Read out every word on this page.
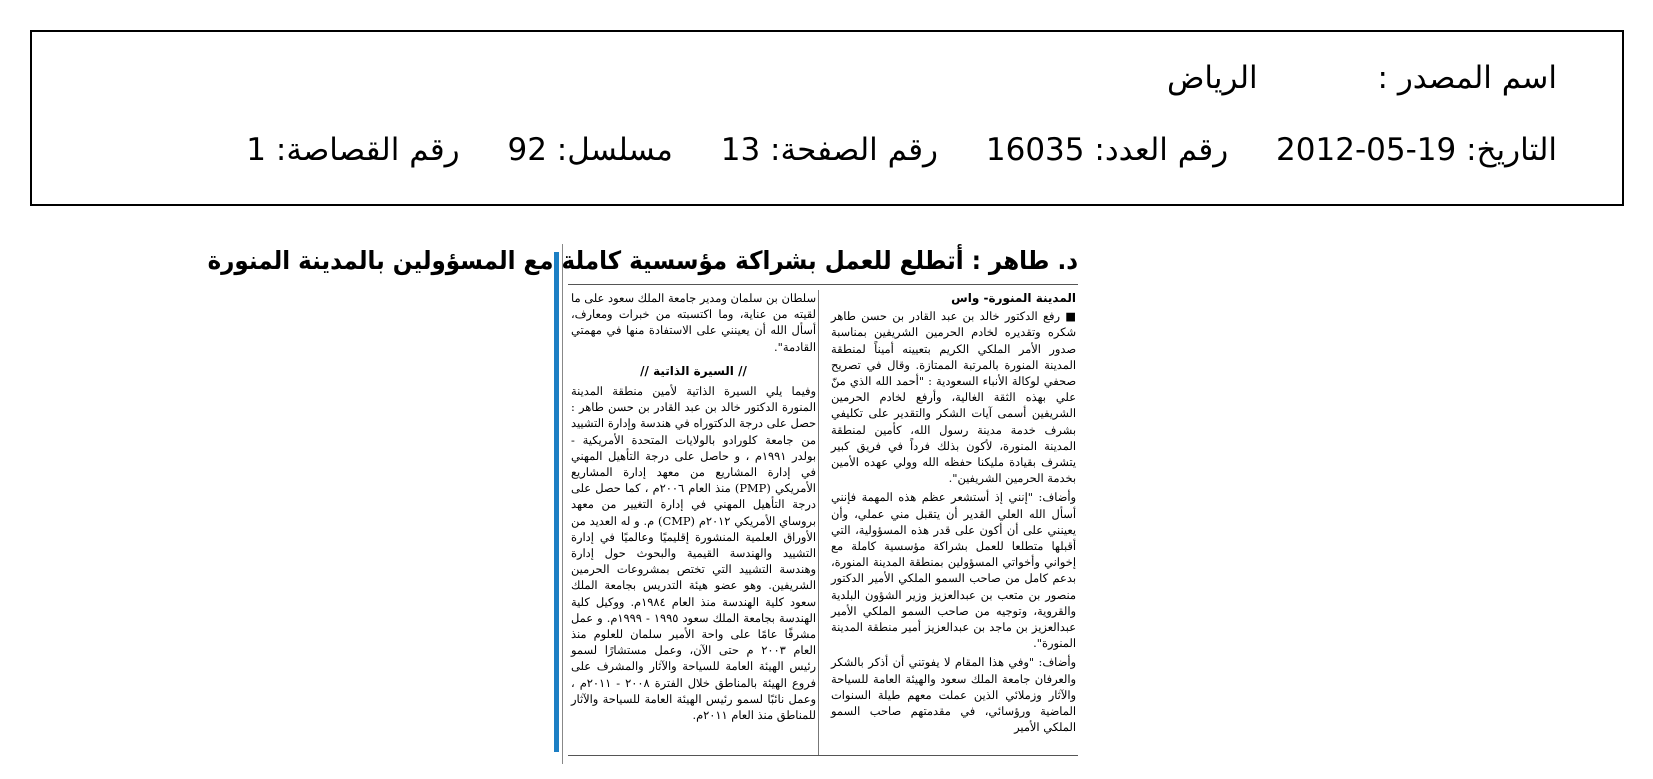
اسم المصدر : الرياض
التاريخ: 19-05-2012 رقم العدد: 16035 رقم الصفحة: 13 مسلسل: 92 رقم القصاصة: 1
د. طاهر : أتطلع للعمل بشراكة مؤسسية كاملة مع المسؤولين بالمدينة المنورة
المدينة المنورة- واس

■ رفع الدكتور خالد بن عبد القادر بن حسن طاهر شكره وتقديره لخادم الحرمين الشريفين بمناسبة صدور الأمر الملكي الكريم بتعيينه أميناً لمنطقة المدينة المنورة بالمرتبة الممتازة. وقال في تصريح صحفي لوكالة الأنباء السعودية : "أحمد الله الذي منّ علي بهذه الثقة الغالية، وأرفع لخادم الحرمين الشريفين أسمى آيات الشكر والتقدير على تكليفي بشرف خدمة مدينة رسول الله، كأمين لمنطقة المدينة المنورة، لأكون بذلك فرداً في فريق كبير يتشرف بقيادة مليكنا حفظه الله وولي عهده الأمين بخدمة الحرمين الشريفين".

وأضاف: "إنني إذ أستشعر عظم هذه المهمة فإنني أسأل الله العلي القدير أن يتقبل مني عملي، وأن يعينني على أن أكون على قدر هذه المسؤولية، التي أقبلها متطلعا للعمل بشراكة مؤسسية كاملة مع إخواني وأخواتي المسؤولين بمنطقة المدينة المنورة، بدعم كامل من صاحب السمو الملكي الأمير الدكتور منصور بن متعب بن عبدالعزيز وزير الشؤون البلدية والقروية، وتوجيه من صاحب السمو الملكي الأمير عبدالعزيز بن ماجد بن عبدالعزيز أمير منطقة المدينة المنورة".

وأضاف: "وفي هذا المقام لا يفوتني أن أذكر بالشكر والعرفان جامعة الملك سعود والهيئة العامة للسياحة والآثار وزملائي الذين عملت معهم طيلة السنوات الماضية ورؤسائي، في مقدمتهم صاحب السمو الملكي الأمير

سلطان بن سلمان ومدير جامعة الملك سعود على ما لقيته من عناية، وما اكتسبته من خبرات ومعارف، أسأل الله أن يعينني على الاستفادة منها في مهمتي القادمة".

// السيرة الذاتية //

وفيما يلي السيرة الذاتية لأمين منطقة المدينة المنورة الدكتور خالد بن عبد القادر بن حسن طاهر : حصل على درجة الدكتوراه في هندسة وإدارة التشييد من جامعة كلورادو بالولايات المتحدة الأمريكية - بولدر ١٩٩١م ، و حاصل على درجة التأهيل المهني في إدارة المشاريع من معهد إدارة المشاريع الأمريكي (PMP) منذ العام ٢٠٠٦م ، كما حصل على درجة التأهيل المهني في إدارة التغيير من معهد بروساي الأمريكي ٢٠١٢م (CMP) م. و له العديد من الأوراق العلمية المنشورة إقليميًا وعالميًا في إدارة التشييد والهندسة القيمية والبحوث حول إدارة وهندسة التشييد التي تختص بمشروعات الحرمين الشريفين. وهو عضو هيئة التدريس بجامعة الملك سعود كلية الهندسة منذ العام ١٩٨٤م. ووكيل كلية الهندسة بجامعة الملك سعود ١٩٩٥ - ١٩٩٩م. و عمل مشرفًا عامًا على واحة الأمير سلمان للعلوم منذ العام ٢٠٠٣ م حتى الآن، وعمل مستشارًا لسمو رئيس الهيئة العامة للسياحة والآثار والمشرف على فروع الهيئة بالمناطق خلال الفترة ٢٠٠٨ - ٢٠١١م ، وعمل نائبًا لسمو رئيس الهيئة العامة للسياحة والآثار للمناطق منذ العام ٢٠١١م.
